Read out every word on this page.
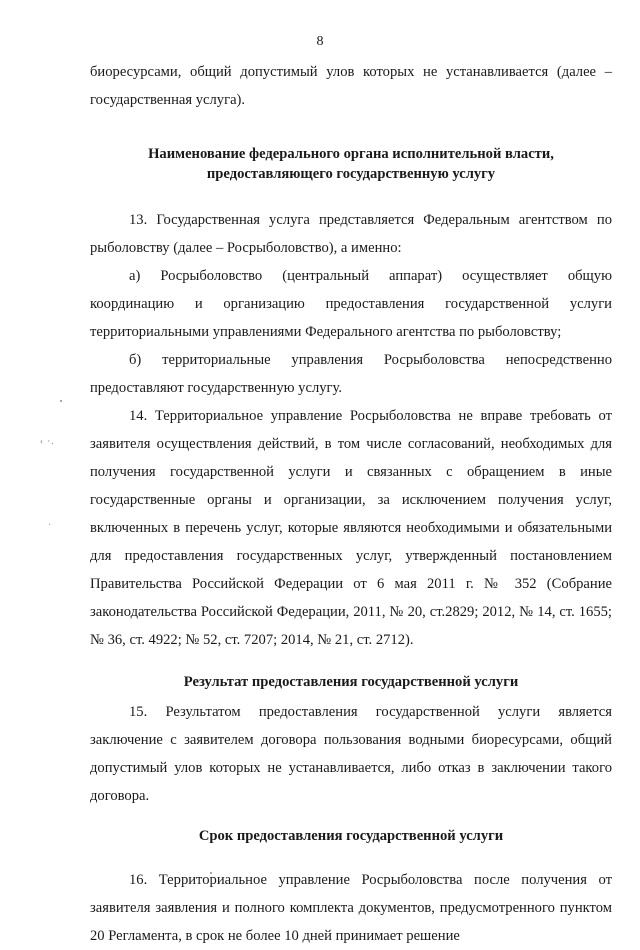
8
‹ ·.
·

биоресурсами, общий допустимый улов которых не устанавливается (далее – государственная услуга).

Наименование федерального органа исполнительной власти, предоставляющего государственную услугу

13. Государственная услуга представляется Федеральным агентством по рыболовству (далее – Росрыболовство), а именно:

а) Росрыболовство (центральный аппарат) осуществляет общую координацию и организацию предоставления государственной услуги территориальными управлениями Федерального агентства по рыболовству;

б) территориальные управления Росрыболовства непосредственно предоставляют государственную услугу.

14. Территориальное управление Росрыболовства не вправе требовать от заявителя осуществления действий, в том числе согласований, необходимых для получения государственной услуги и связанных с обращением в иные государственные органы и организации, за исключением получения услуг, включенных в перечень услуг, которые являются необходимыми и обязательными для предоставления государственных услуг, утвержденный постановлением Правительства Российской Федерации от 6 мая 2011 г. № 352 (Собрание законодательства Российской Федерации, 2011, № 20, ст.2829; 2012, № 14, ст. 1655; № 36, ст. 4922; № 52, ст. 7207; 2014, № 21, ст. 2712).

Результат предоставления государственной услуги

15. Результатом предоставления государственной услуги является заключение с заявителем договора пользования водными биоресурсами, общий допустимый улов которых не устанавливается, либо отказ в заключении такого договора.

Срок предоставления государственной услуги

16. Территориальное управление Росрыболовства после получения от заявителя заявления и полного комплекта документов, предусмотренного пунктом 20 Регламента, в срок не более 10 дней принимает решение
